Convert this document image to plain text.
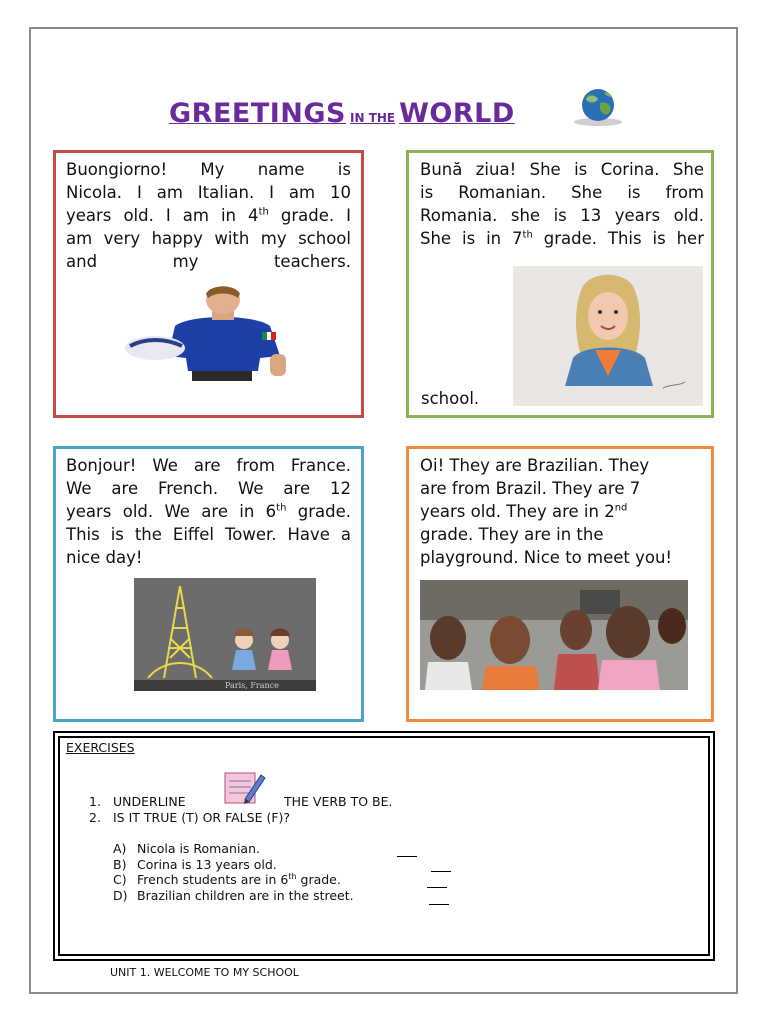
GREETINGS IN THE WORLD

Buongiorno! My name is

Nicola. I am Italian. I am 10

years old. I am in 4th grade. I

am very happy with my school

and my teachers.

Bună ziua! She is Corina. She

is Romanian. She is from

Romania. she is 13 years old.

She is in 7th grade. This is her

school.

Bonjour! We are from France.

We are French. We are 12

years old. We are in 6th grade.

This is the Eiffel Tower. Have a

nice day!

Paris, France

Oi! They are Brazilian. They

are from Brazil. They are 7

years old. They are in 2nd

grade. They are in the

playground. Nice to meet you!

EXERCISES
1. UNDERLINE	THE VERB TO BE.
2. IS IT TRUE (T) OR FALSE (F)?
A) Nicola is Romanian.
B) Corina is 13 years old.
C) French students are in 6th grade.
D) Brazilian children are in the street.
UNIT 1. WELCOME TO MY SCHOOL
